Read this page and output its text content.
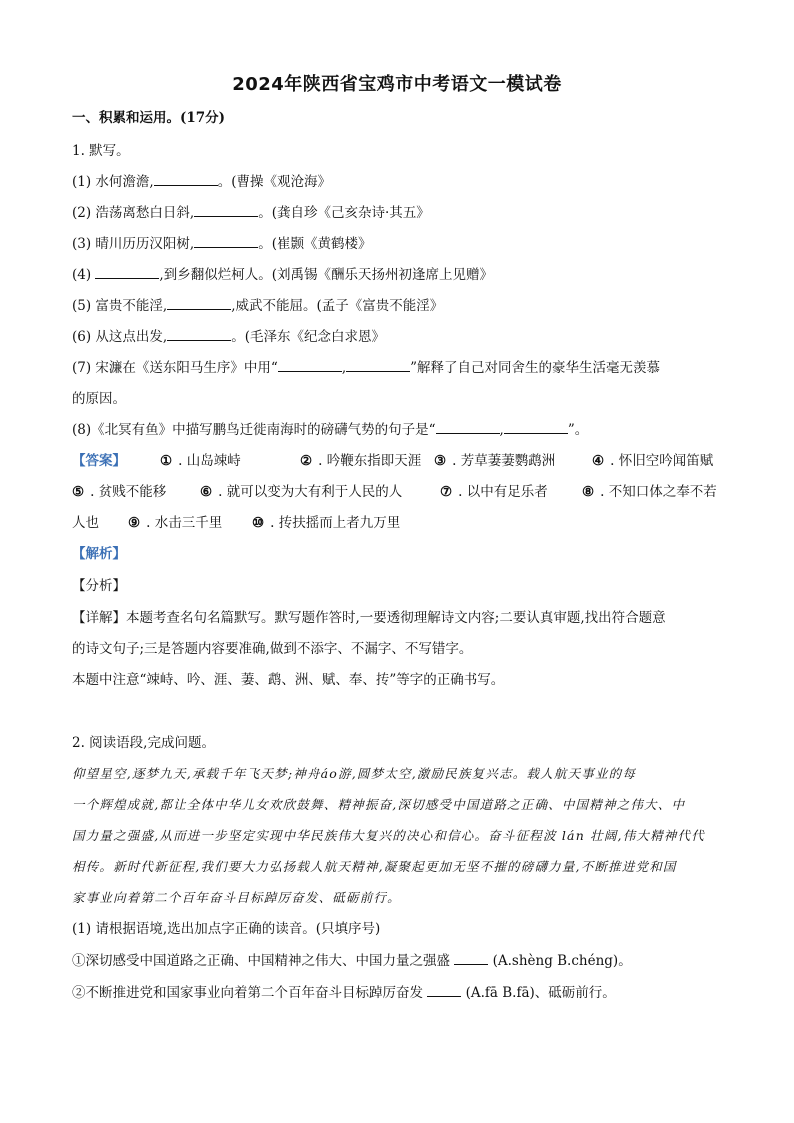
2024年陕西省宝鸡市中考语文一模试卷
一、积累和运用。(17分)
1. 默写。
(1) 水何澹澹,	。(曹操《观沧海》
(2) 浩荡离愁白日斜,	。(龚自珍《己亥杂诗·其五》
(3) 晴川历历汉阳树,	。(崔颢《黄鹤楼》
(4)	,到乡翻似烂柯人。(刘禹锡《酬乐天扬州初逢席上见赠》
(5) 富贵不能淫,	,威武不能屈。(孟子《富贵不能淫》
(6) 从这点出发,	。(毛泽东《纪念白求恩》
(7) 宋濂在《送东阳马生序》中用“	,	”解释了自己对同舍生的豪华生活毫无羡慕
的原因。
(8)《北冥有鱼》中描写鹏鸟迁徙南海时的磅礴气势的句子是“	,	”。
【答案】	① . 山岛竦峙	② . 吟鞭东指即天涯 ③ . 芳草萋萋鹦鹉洲	④ . 怀旧空吟闻笛赋
⑤ . 贫贱不能移	⑥ . 就可以变为大有利于人民的人	⑦ . 以中有足乐者	⑧ . 不知口体之奉不若
人也 ⑨ . 水击三千里 ⑩ . 抟扶摇而上者九万里
【解析】
【分析】
【详解】本题考查名句名篇默写。默写题作答时,一要透彻理解诗文内容;二要认真审题,找出符合题意
的诗文句子;三是答题内容要准确,做到不添字、不漏字、不写错字。
本题中注意“竦峙、吟、涯、萋、鹉、洲、赋、奉、抟”等字的正确书写。
2. 阅读语段,完成问题。
仰望星空,逐梦九天,承载千年飞天梦;神舟áo游,圆梦太空,激励民族复兴志。载人航天事业的每
一个辉煌成就,都让全体中华儿女欢欣鼓舞、精神振奋,深切感受中国道路之正确、中国精神之伟大、中
国力量之强盛,从而进一步坚定实现中华民族伟大复兴的决心和信心。奋斗征程波 lán 壮阔,伟大精神代代
相传。新时代新征程,我们要大力弘扬载人航天精神,凝聚起更加无坚不摧的磅礴力量,不断推进党和国
家事业向着第二个百年奋斗目标踔厉奋发、砥砺前行。
(1) 请根据语境,选出加点字正确的读音。(只填序号)
①深切感受中国道路之正确、中国精神之伟大、中国力量之强盛	(A.shèng B.chéng)。
②不断推进党和国家事业向着第二个百年奋斗目标踔厉奋发	(A.fā B.fā)、砥砺前行。
